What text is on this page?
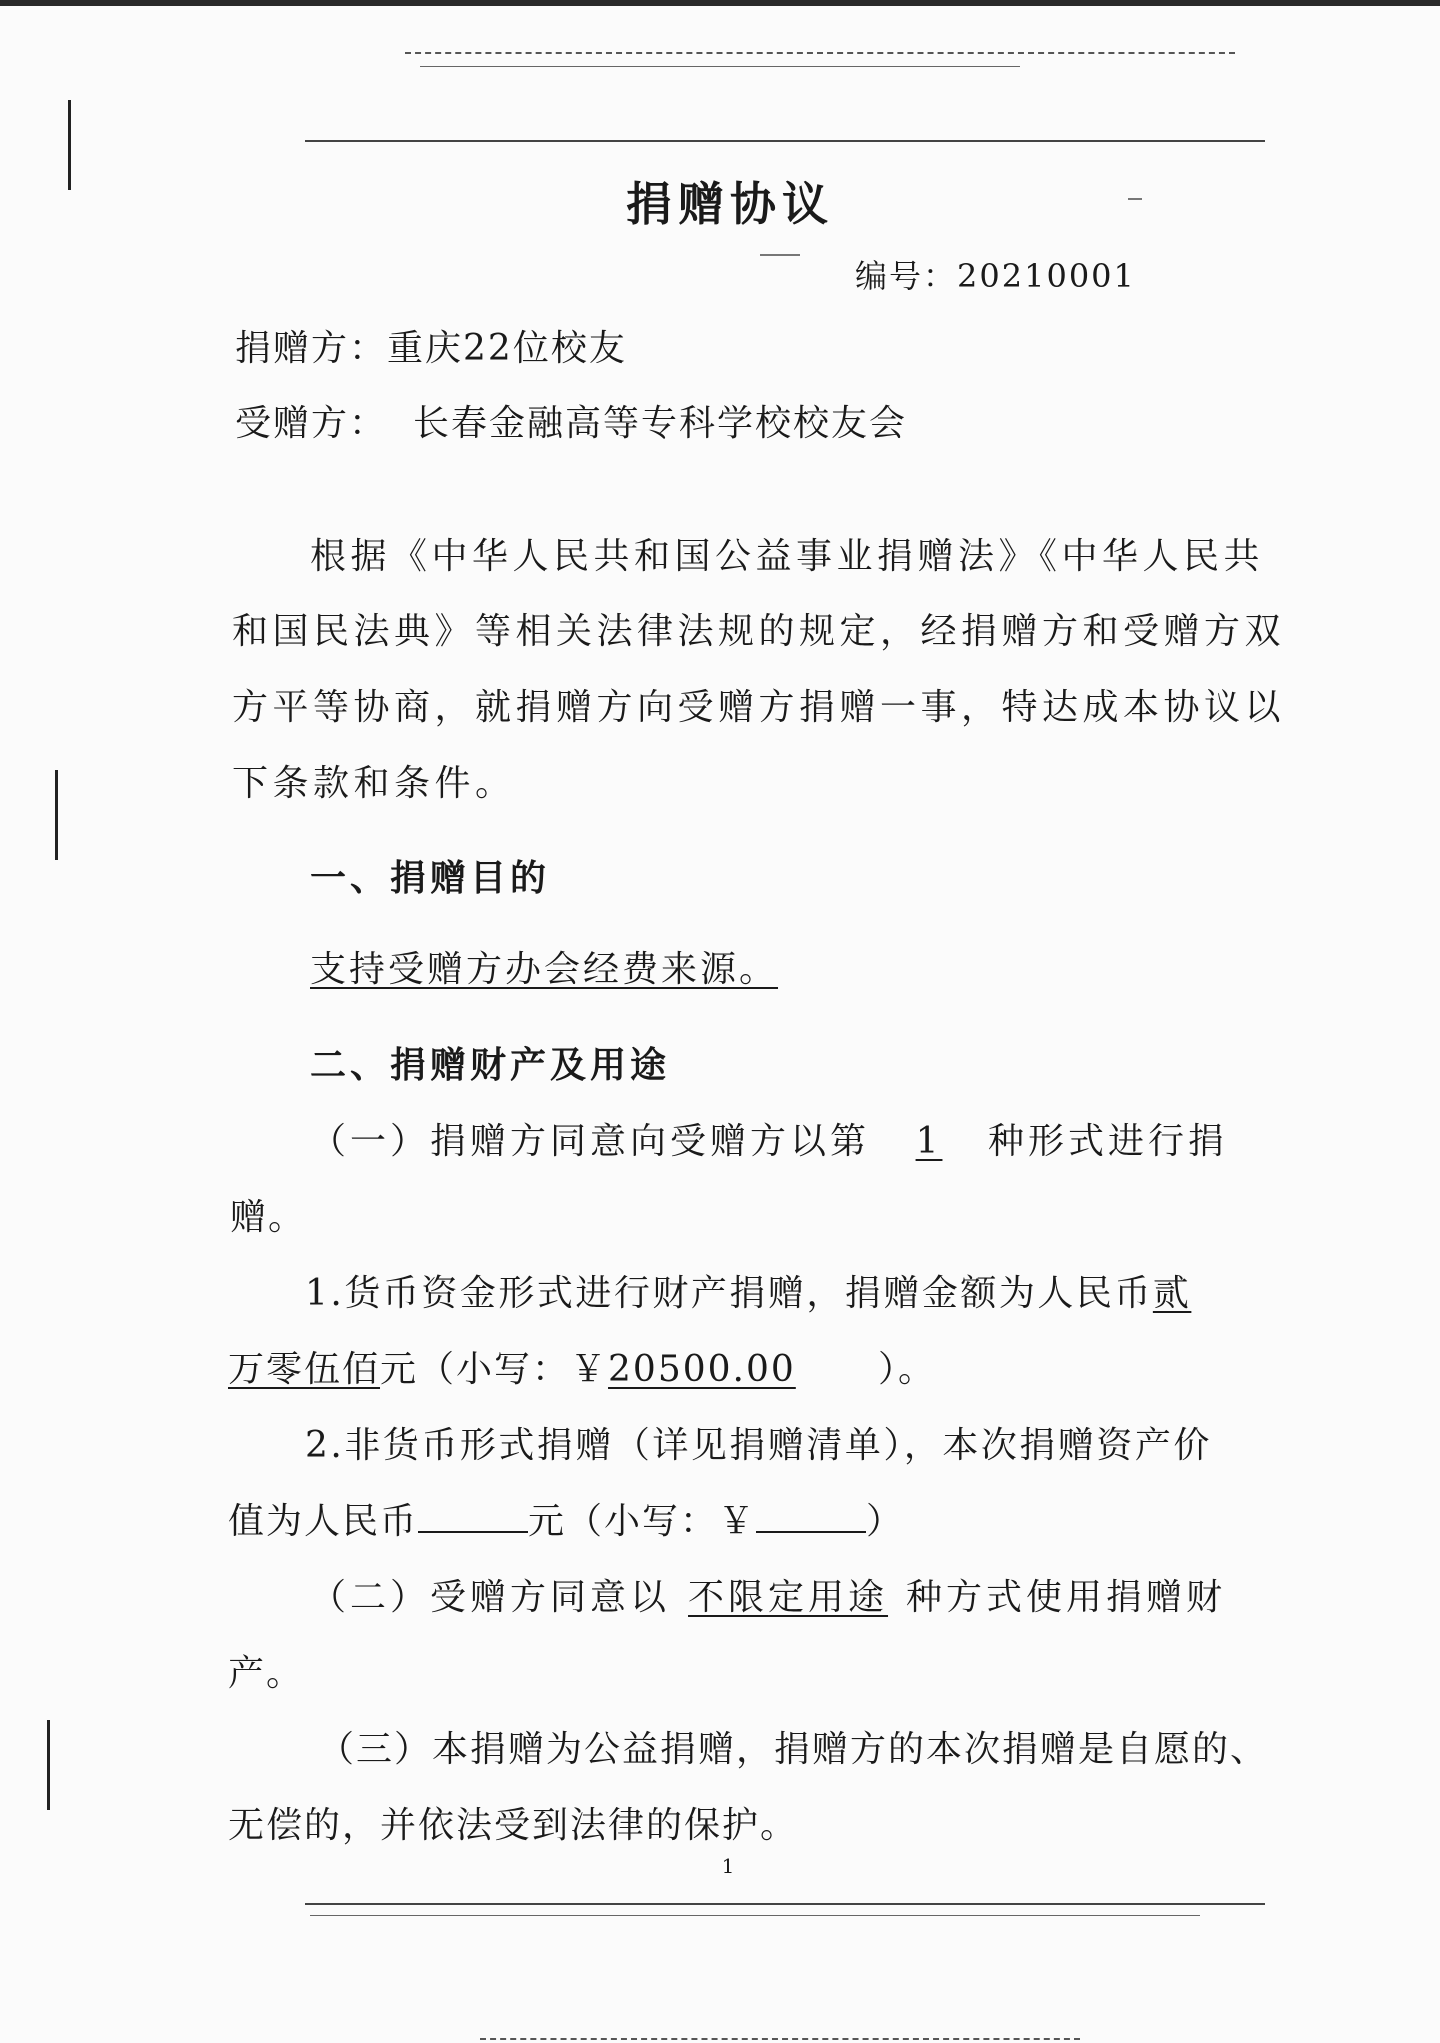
捐赠协议
编号：20210001
捐赠方：重庆22位校友
受赠方： 长春金融高等专科学校校友会
根据《中华人民共和国公益事业捐赠法》《中华人民共
和国民法典》等相关法律法规的规定，经捐赠方和受赠方双
方平等协商，就捐赠方向受赠方捐赠一事，特达成本协议以
下条款和条件。
一、捐赠目的
支持受赠方办会经费来源。
二、捐赠财产及用途
（一）捐赠方同意向受赠方以第 1 种形式进行捐
赠。
1.货币资金形式进行财产捐赠，捐赠金额为人民币贰
万零伍佰元（小写：￥20500.00 ）。
2.非货币形式捐赠（详见捐赠清单），本次捐赠资产价
值为人民币	元（小写：￥	）
（二）受赠方同意以 不限定用途 种方式使用捐赠财
产。
（三）本捐赠为公益捐赠，捐赠方的本次捐赠是自愿的、
无偿的，并依法受到法律的保护。
1
